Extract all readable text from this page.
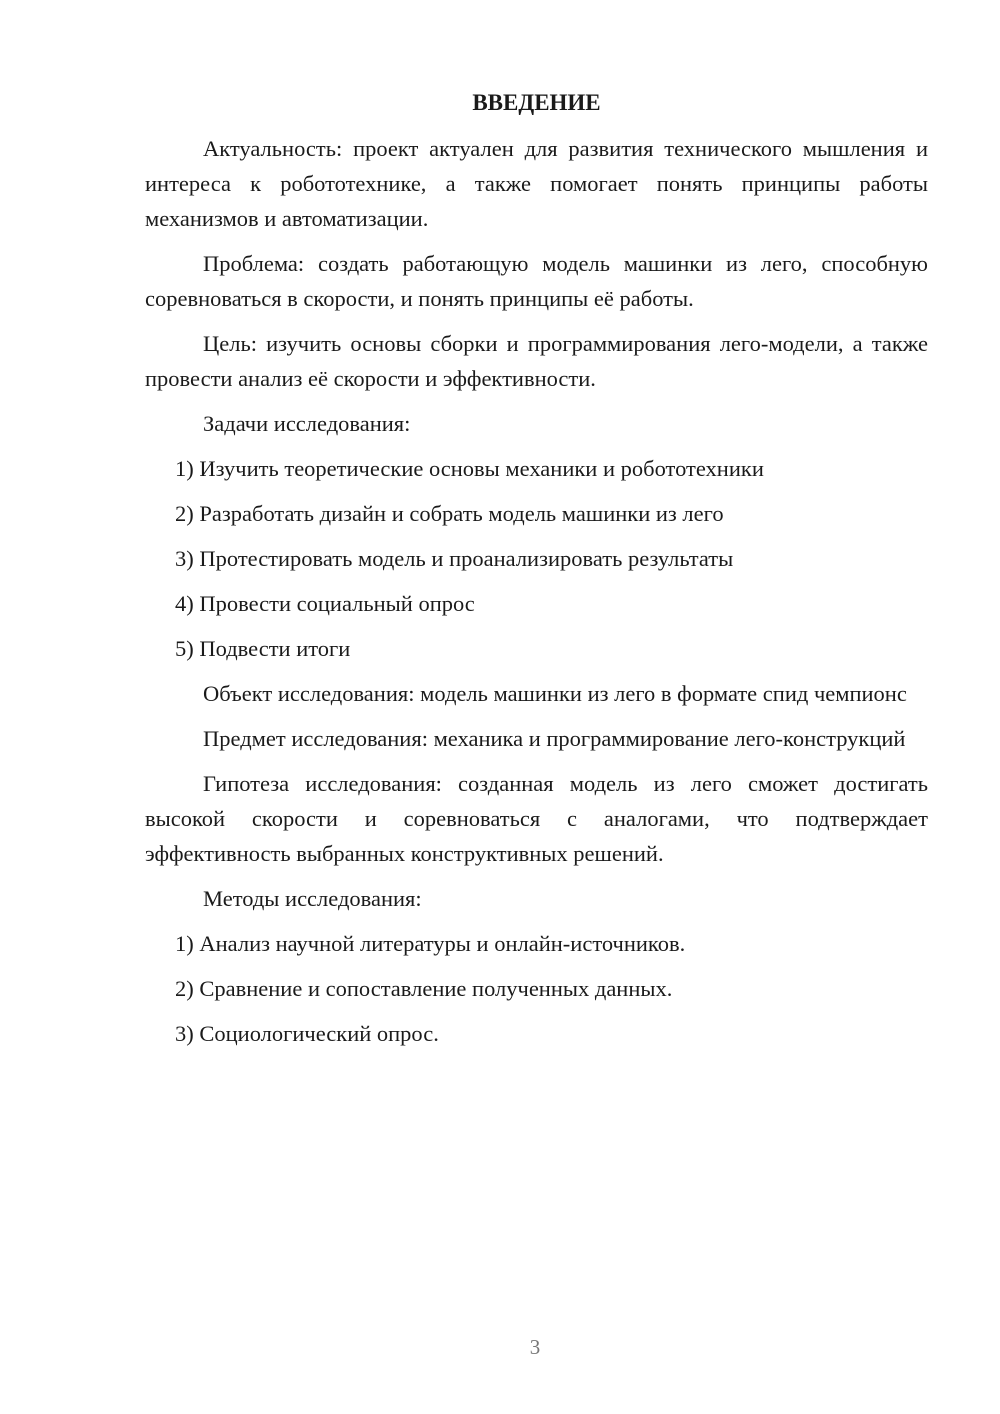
ВВЕДЕНИЕ

Актуальность: проект актуален для развития технического мышления и интереса к робототехнике, а также помогает понять принципы работы механизмов и автоматизации.

Проблема: создать работающую модель машинки из лего, способную соревноваться в скорости, и понять принципы её работы.

Цель: изучить основы сборки и программирования лего-модели, а также провести анализ её скорости и эффективности.

Задачи исследования:

1) Изучить теоретические основы механики и робототехники
2) Разработать дизайн и собрать модель машинки из лего
3) Протестировать модель и проанализировать результаты
4) Провести социальный опрос
5) Подвести итоги

Объект исследования: модель машинки из лего в формате спид чемпионс

Предмет исследования: механика и программирование лего-конструкций

Гипотеза исследования: созданная модель из лего сможет достигать высокой скорости и соревноваться с аналогами, что подтверждает эффективность выбранных конструктивных решений.

Методы исследования:

1) Анализ научной литературы и онлайн-источников.
2) Сравнение и сопоставление полученных данных.
3) Социологический опрос.
3
